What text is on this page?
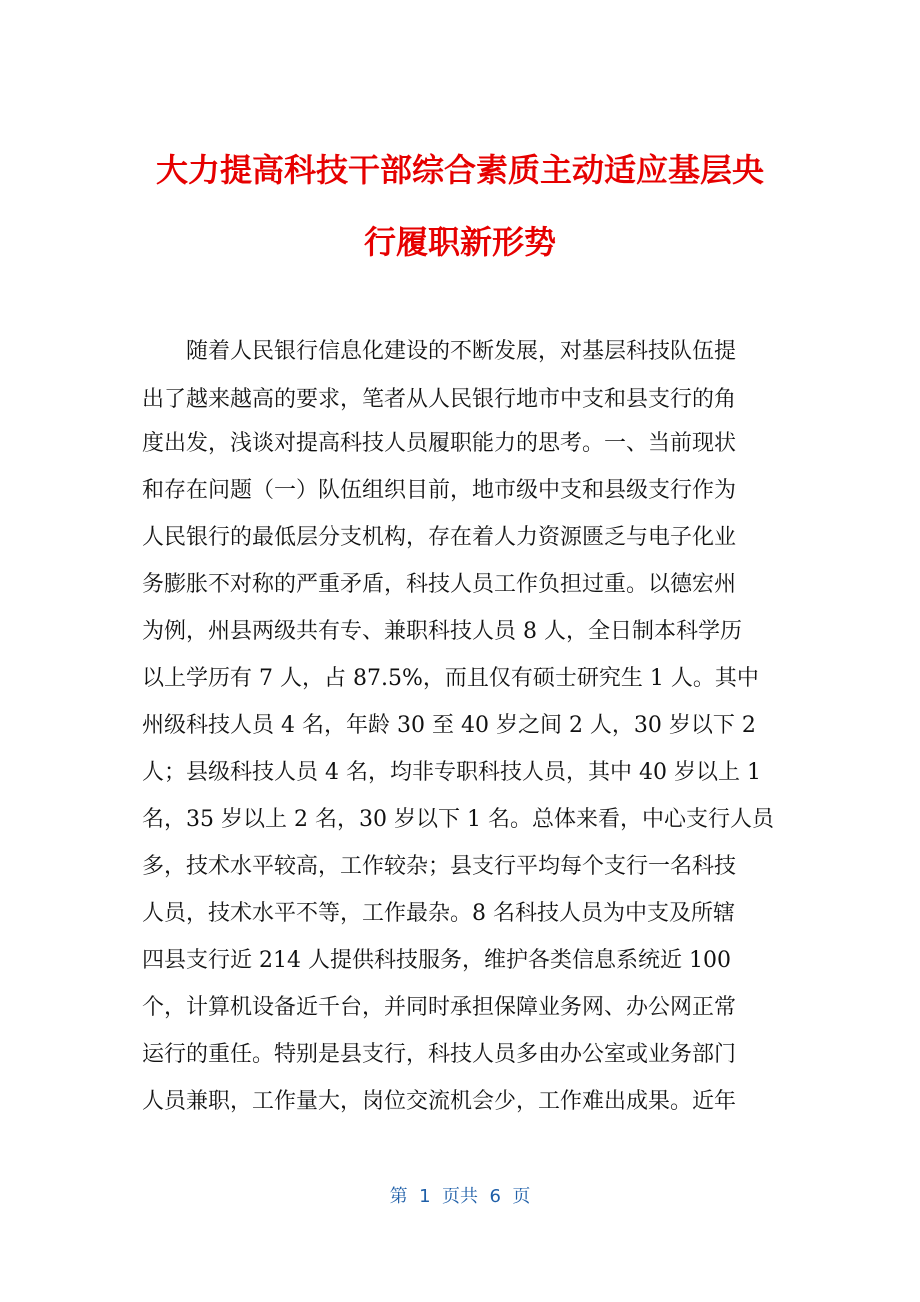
大力提高科技干部综合素质主动适应基层央
行履职新形势
随着人民银行信息化建设的不断发展，对基层科技队伍提
出了越来越高的要求，笔者从人民银行地市中支和县支行的角
度出发，浅谈对提高科技人员履职能力的思考。一、当前现状
和存在问题（一）队伍组织目前，地市级中支和县级支行作为
人民银行的最低层分支机构，存在着人力资源匮乏与电子化业
务膨胀不对称的严重矛盾，科技人员工作负担过重。以德宏州
为例，州县两级共有专、兼职科技人员 8 人，全日制本科学历
以上学历有 7 人，占 87.5%，而且仅有硕士研究生 1 人。其中
州级科技人员 4 名，年龄 30 至 40 岁之间 2 人，30 岁以下 2
人；县级科技人员 4 名，均非专职科技人员，其中 40 岁以上 1
名，35 岁以上 2 名，30 岁以下 1 名。总体来看，中心支行人员
多，技术水平较高，工作较杂；县支行平均每个支行一名科技
人员，技术水平不等，工作最杂。8 名科技人员为中支及所辖
四县支行近 214 人提供科技服务，维护各类信息系统近 100
个，计算机设备近千台，并同时承担保障业务网、办公网正常
运行的重任。特别是县支行，科技人员多由办公室或业务部门
人员兼职，工作量大，岗位交流机会少，工作难出成果。近年
第  1  页共  6  页
